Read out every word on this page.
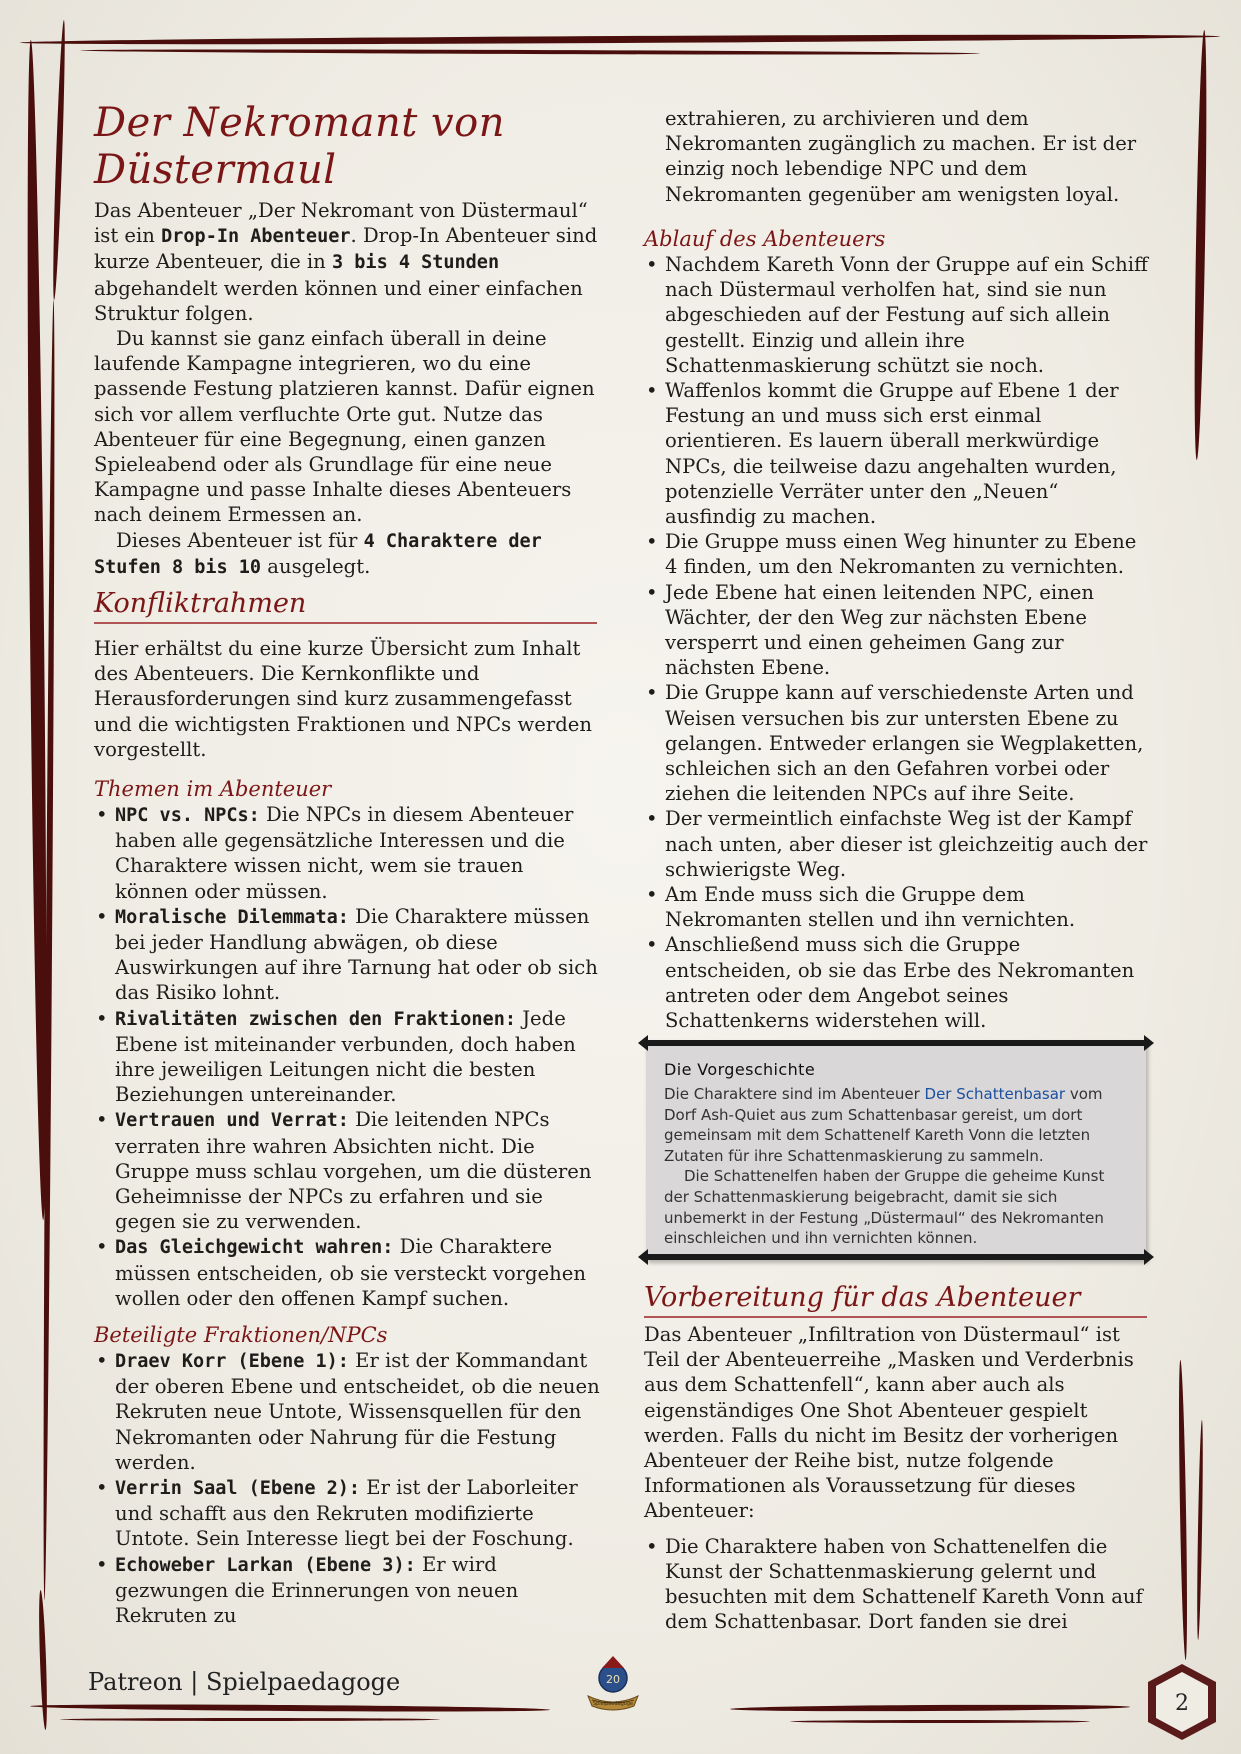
Der Nekromant von Düstermaul

Das Abenteuer „Der Nekromant von Düstermaul“ ist ein Drop-In Abenteuer. Drop-In Abenteuer sind kurze Abenteuer, die in 3 bis 4 Stunden abgehandelt werden können und einer einfachen Struktur folgen.

Du kannst sie ganz einfach überall in deine laufende Kampagne integrieren, wo du eine passende Festung platzieren kannst. Dafür eignen sich vor allem verfluchte Orte gut. Nutze das Abenteuer für eine Begegnung, einen ganzen Spieleabend oder als Grundlage für eine neue Kampagne und passe Inhalte dieses Abenteuers nach deinem Ermessen an.

Dieses Abenteuer ist für 4 Charaktere der Stufen 8 bis 10 ausgelegt.

Konfliktrahmen

Hier erhältst du eine kurze Übersicht zum Inhalt des Abenteuers. Die Kernkonflikte und Herausforderungen sind kurz zusammengefasst und die wichtigsten Fraktionen und NPCs werden vorgestellt.

Themen im Abenteuer
• NPC vs. NPCs: Die NPCs in diesem Abenteuer haben alle gegensätzliche Interessen und die Charaktere wissen nicht, wem sie trauen können oder müssen.
• Moralische Dilemmata: Die Charaktere müssen bei jeder Handlung abwägen, ob diese Auswirkungen auf ihre Tarnung hat oder ob sich das Risiko lohnt.
• Rivalitäten zwischen den Fraktionen: Jede Ebene ist miteinander verbunden, doch haben ihre jeweiligen Leitungen nicht die besten Beziehungen untereinander.
• Vertrauen und Verrat: Die leitenden NPCs verraten ihre wahren Absichten nicht. Die Gruppe muss schlau vorgehen, um die düsteren Geheimnisse der NPCs zu erfahren und sie gegen sie zu verwenden.
• Das Gleichgewicht wahren: Die Charaktere müssen entscheiden, ob sie versteckt vorgehen wollen oder den offenen Kampf suchen.
Beteiligte Fraktionen/NPCs
• Draev Korr (Ebene 1): Er ist der Kommandant der oberen Ebene und entscheidet, ob die neuen Rekruten neue Untote, Wissensquellen für den Nekromanten oder Nahrung für die Festung werden.
• Verrin Saal (Ebene 2): Er ist der Laborleiter und schafft aus den Rekruten modifizierte Untote. Sein Interesse liegt bei der Foschung.
• Echoweber Larkan (Ebene 3): Er wird gezwungen die Erinnerungen von neuen Rekruten zu

extrahieren, zu archivieren und dem Nekromanten zugänglich zu machen. Er ist der einzig noch lebendige NPC und dem Nekromanten gegenüber am wenigsten loyal.

Ablauf des Abenteuers
• Nachdem Kareth Vonn der Gruppe auf ein Schiff nach Düstermaul verholfen hat, sind sie nun abgeschieden auf der Festung auf sich allein gestellt. Einzig und allein ihre Schattenmaskierung schützt sie noch.
• Waffenlos kommt die Gruppe auf Ebene 1 der Festung an und muss sich erst einmal orientieren. Es lauern überall merkwürdige NPCs, die teilweise dazu angehalten wurden, potenzielle Verräter unter den „Neuen“ ausfindig zu machen.
• Die Gruppe muss einen Weg hinunter zu Ebene 4 finden, um den Nekromanten zu vernichten.
• Jede Ebene hat einen leitenden NPC, einen Wächter, der den Weg zur nächsten Ebene versperrt und einen geheimen Gang zur nächsten Ebene.
• Die Gruppe kann auf verschiedenste Arten und Weisen versuchen bis zur untersten Ebene zu gelangen. Entweder erlangen sie Wegplaketten, schleichen sich an den Gefahren vorbei oder ziehen die leitenden NPCs auf ihre Seite.
• Der vermeintlich einfachste Weg ist der Kampf nach unten, aber dieser ist gleichzeitig auch der schwierigste Weg.
• Am Ende muss sich die Gruppe dem Nekromanten stellen und ihn vernichten.
• Anschließend muss sich die Gruppe entscheiden, ob sie das Erbe des Nekromanten antreten oder dem Angebot seines Schattenkerns widerstehen will.
Die Vorgeschichte
Die Charaktere sind im Abenteuer Der Schattenbasar vom Dorf Ash-Quiet aus zum Schattenbasar gereist, um dort gemeinsam mit dem Schattenelf Kareth Vonn die letzten Zutaten für ihre Schattenmaskierung zu sammeln.
Die Schattenelfen haben der Gruppe die geheime Kunst der Schattenmaskierung beigebracht, damit sie sich unbemerkt in der Festung „Düstermaul“ des Nekromanten einschleichen und ihn vernichten können.
Vorbereitung für das Abenteuer

Das Abenteuer „Infiltration von Düstermaul“ ist Teil der Abenteuerreihe „Masken und Verderbnis aus dem Schattenfell“, kann aber auch als eigenständiges One Shot Abenteuer gespielt werden. Falls du nicht im Besitz der vorherigen Abenteuer der Reihe bist, nutze folgende Informationen als Voraussetzung für dieses Abenteuer:

• Die Charaktere haben von Schattenelfen die Kunst der Schattenmaskierung gelernt und besuchten mit dem Schattenelf Kareth Vonn auf dem Schattenbasar. Dort fanden sie drei
Patreon | Spielpaedagoge	20
Spielpaedagoge	2
